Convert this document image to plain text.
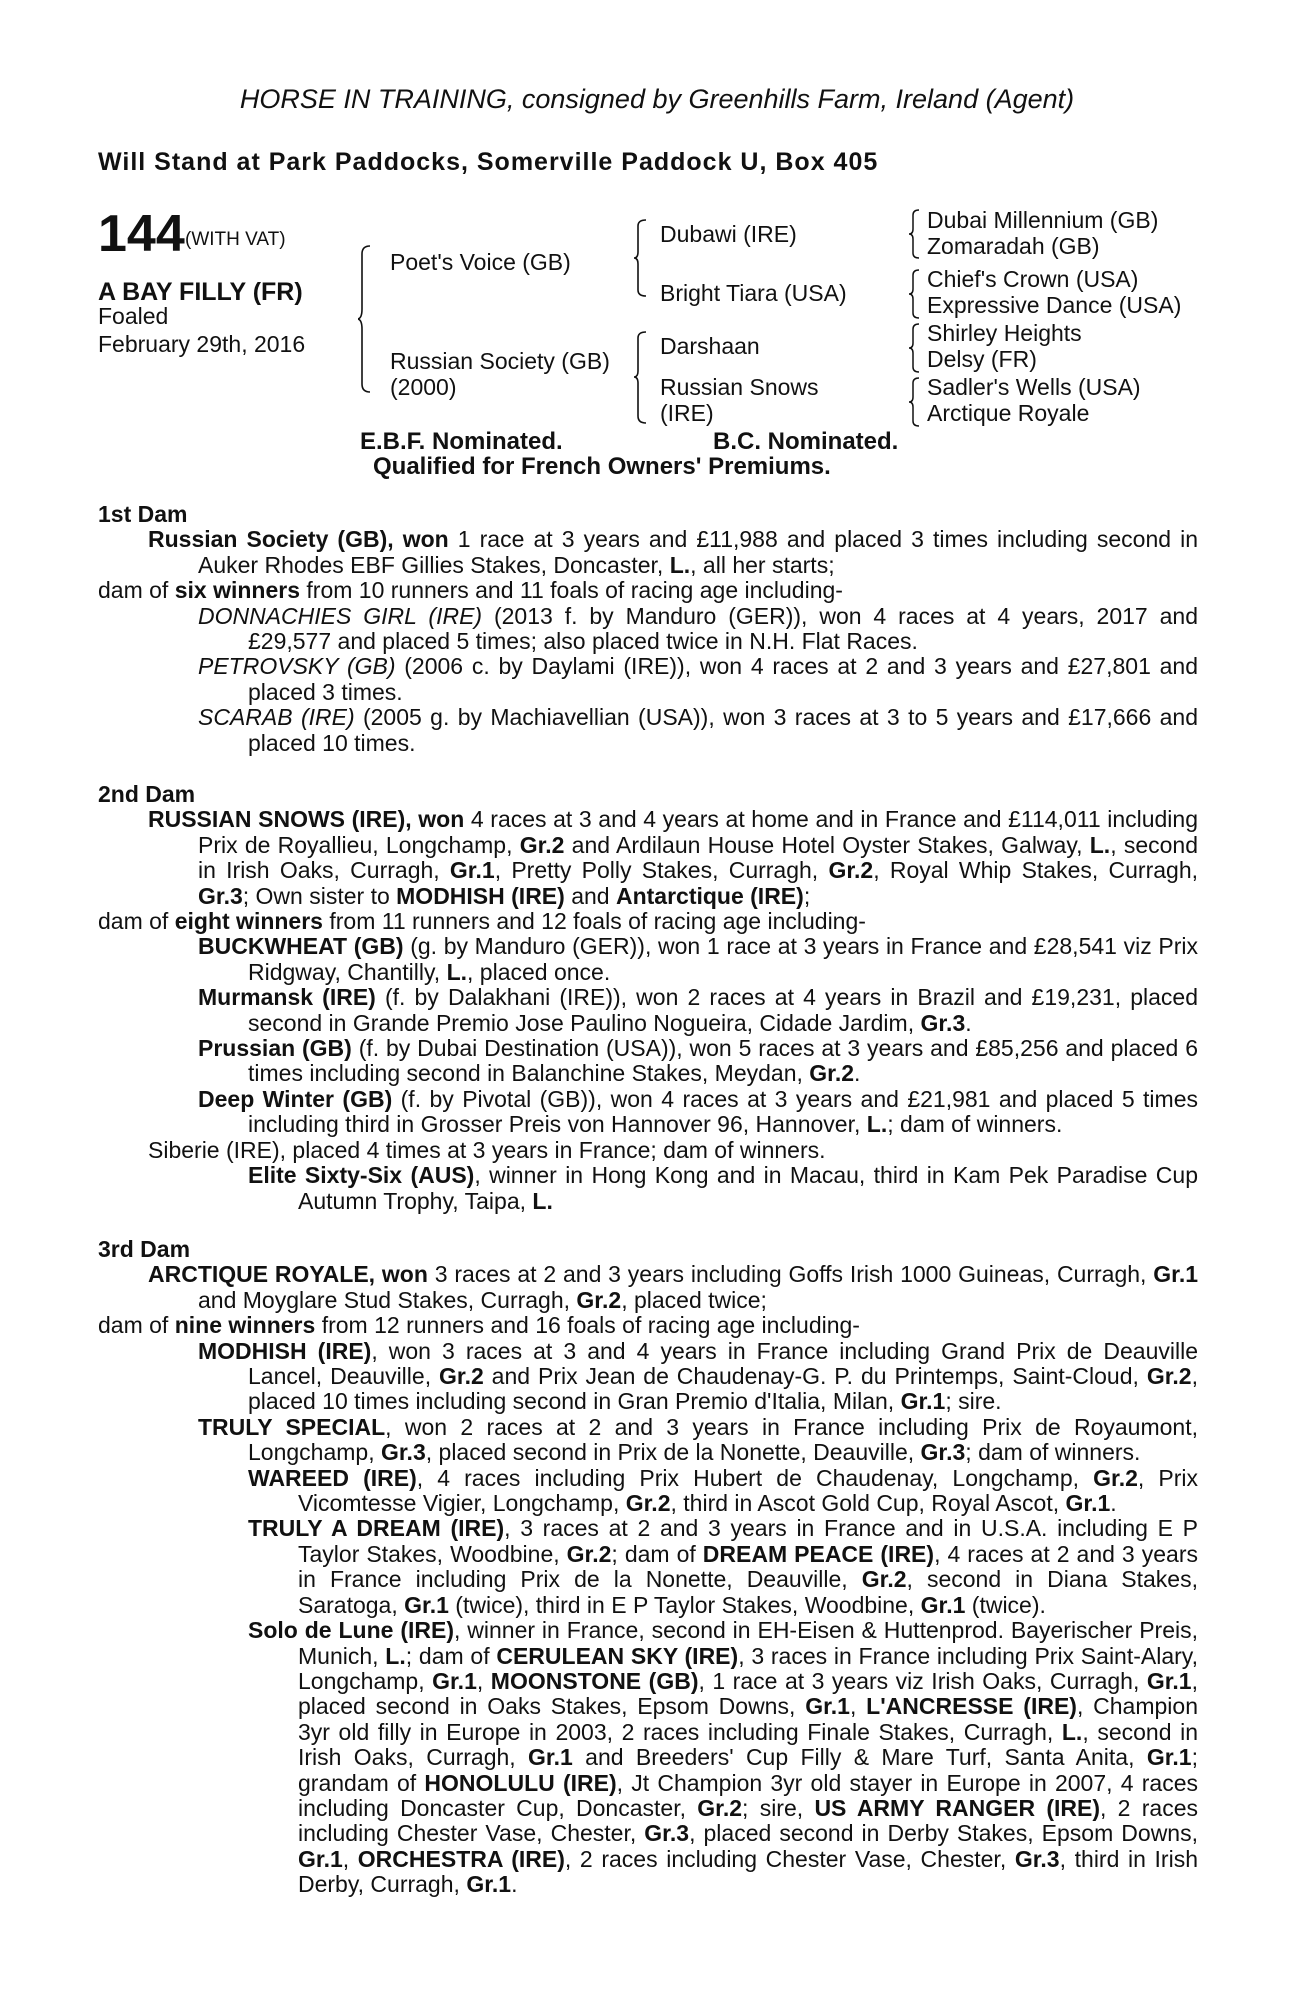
HORSE IN TRAINING, consigned by Greenhills Farm, Ireland (Agent)
Will Stand at Park Paddocks, Somerville Paddock U, Box 405
144 (WITH VAT)
A BAY FILLY (FR)
Foaled
February 29th, 2016
Poet's Voice (GB)
Russian Society (GB)
(2000)
Dubawi (IRE)
Bright Tiara (USA)
Darshaan
Russian Snows
(IRE)
Dubai Millennium (GB)
Zomaradah (GB)
Chief's Crown (USA)
Expressive Dance (USA)
Shirley Heights
Delsy (FR)
Sadler's Wells (USA)
Arctique Royale
E.B.F. Nominated.	B.C. Nominated.
Qualified for French Owners' Premiums.
1st Dam
Russian Society (GB), won 1 race at 3 years and £11,988 and placed 3 times including second in Auker Rhodes EBF Gillies Stakes, Doncaster, L., all her starts;
dam of six winners from 10 runners and 11 foals of racing age including-
DONNACHIES GIRL (IRE) (2013 f. by Manduro (GER)), won 4 races at 4 years, 2017 and £29,577 and placed 5 times; also placed twice in N.H. Flat Races.
PETROVSKY (GB) (2006 c. by Daylami (IRE)), won 4 races at 2 and 3 years and £27,801 and placed 3 times.
SCARAB (IRE) (2005 g. by Machiavellian (USA)), won 3 races at 3 to 5 years and £17,666 and placed 10 times.
2nd Dam
RUSSIAN SNOWS (IRE), won 4 races at 3 and 4 years at home and in France and £114,011 including Prix de Royallieu, Longchamp, Gr.2 and Ardilaun House Hotel Oyster Stakes, Galway, L., second in Irish Oaks, Curragh, Gr.1, Pretty Polly Stakes, Curragh, Gr.2, Royal Whip Stakes, Curragh, Gr.3; Own sister to MODHISH (IRE) and Antarctique (IRE);
dam of eight winners from 11 runners and 12 foals of racing age including-
BUCKWHEAT (GB) (g. by Manduro (GER)), won 1 race at 3 years in France and £28,541 viz Prix Ridgway, Chantilly, L., placed once.
Murmansk (IRE) (f. by Dalakhani (IRE)), won 2 races at 4 years in Brazil and £19,231, placed second in Grande Premio Jose Paulino Nogueira, Cidade Jardim, Gr.3.
Prussian (GB) (f. by Dubai Destination (USA)), won 5 races at 3 years and £85,256 and placed 6 times including second in Balanchine Stakes, Meydan, Gr.2.
Deep Winter (GB) (f. by Pivotal (GB)), won 4 races at 3 years and £21,981 and placed 5 times including third in Grosser Preis von Hannover 96, Hannover, L.; dam of winners.
Siberie (IRE), placed 4 times at 3 years in France; dam of winners.
Elite Sixty-Six (AUS), winner in Hong Kong and in Macau, third in Kam Pek Paradise Cup Autumn Trophy, Taipa, L.
3rd Dam
ARCTIQUE ROYALE, won 3 races at 2 and 3 years including Goffs Irish 1000 Guineas, Curragh, Gr.1 and Moyglare Stud Stakes, Curragh, Gr.2, placed twice;
dam of nine winners from 12 runners and 16 foals of racing age including-
MODHISH (IRE), won 3 races at 3 and 4 years in France including Grand Prix de Deauville Lancel, Deauville, Gr.2 and Prix Jean de Chaudenay-G. P. du Printemps, Saint-Cloud, Gr.2, placed 10 times including second in Gran Premio d'Italia, Milan, Gr.1; sire.
TRULY SPECIAL, won 2 races at 2 and 3 years in France including Prix de Royaumont, Longchamp, Gr.3, placed second in Prix de la Nonette, Deauville, Gr.3; dam of winners.
WAREED (IRE), 4 races including Prix Hubert de Chaudenay, Longchamp, Gr.2, Prix Vicomtesse Vigier, Longchamp, Gr.2, third in Ascot Gold Cup, Royal Ascot, Gr.1.
TRULY A DREAM (IRE), 3 races at 2 and 3 years in France and in U.S.A. including E P Taylor Stakes, Woodbine, Gr.2; dam of DREAM PEACE (IRE), 4 races at 2 and 3 years in France including Prix de la Nonette, Deauville, Gr.2, second in Diana Stakes, Saratoga, Gr.1 (twice), third in E P Taylor Stakes, Woodbine, Gr.1 (twice).
Solo de Lune (IRE), winner in France, second in EH-Eisen & Huttenprod. Bayerischer Preis, Munich, L.; dam of CERULEAN SKY (IRE), 3 races in France including Prix Saint-Alary, Longchamp, Gr.1, MOONSTONE (GB), 1 race at 3 years viz Irish Oaks, Curragh, Gr.1, placed second in Oaks Stakes, Epsom Downs, Gr.1, L'ANCRESSE (IRE), Champion 3yr old filly in Europe in 2003, 2 races including Finale Stakes, Curragh, L., second in Irish Oaks, Curragh, Gr.1 and Breeders' Cup Filly & Mare Turf, Santa Anita, Gr.1; grandam of HONOLULU (IRE), Jt Champion 3yr old stayer in Europe in 2007, 4 races including Doncaster Cup, Doncaster, Gr.2; sire, US ARMY RANGER (IRE), 2 races including Chester Vase, Chester, Gr.3, placed second in Derby Stakes, Epsom Downs, Gr.1, ORCHESTRA (IRE), 2 races including Chester Vase, Chester, Gr.3, third in Irish Derby, Curragh, Gr.1.
